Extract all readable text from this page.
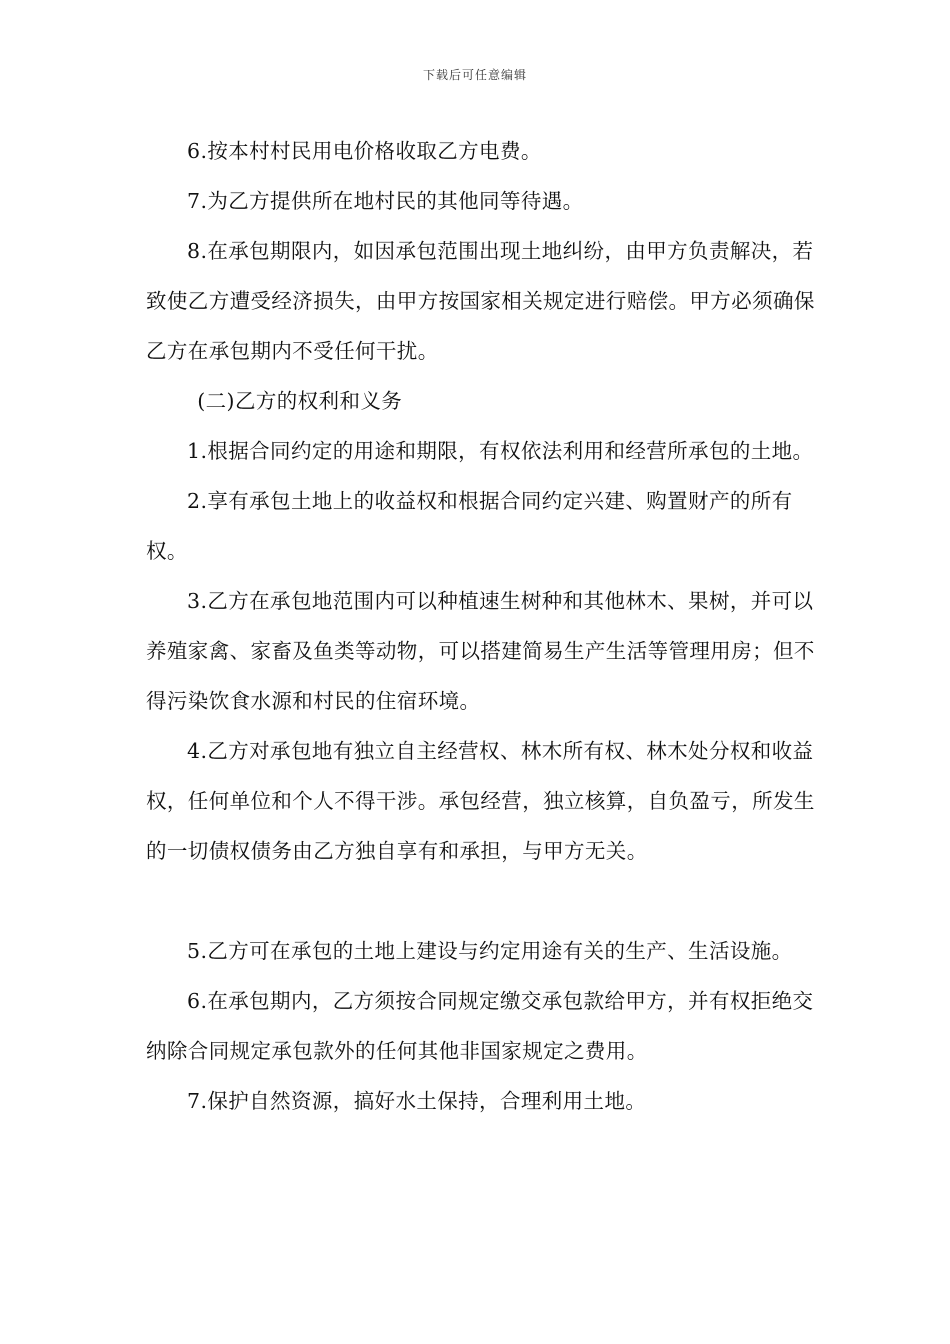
下载后可任意编辑

6.按本村村民用电价格收取乙方电费。

7.为乙方提供所在地村民的其他同等待遇。

8.在承包期限内，如因承包范围出现土地纠纷，由甲方负责解决，若致使乙方遭受经济损失，由甲方按国家相关规定进行赔偿。甲方必须确保乙方在承包期内不受任何干扰。

(二)乙方的权利和义务

1.根据合同约定的用途和期限，有权依法利用和经营所承包的土地。

2.享有承包土地上的收益权和根据合同约定兴建、购置财产的所有权。

3.乙方在承包地范围内可以种植速生树种和其他林木、果树，并可以养殖家禽、家畜及鱼类等动物，可以搭建简易生产生活等管理用房；但不得污染饮食水源和村民的住宿环境。

4.乙方对承包地有独立自主经营权、林木所有权、林木处分权和收益权，任何单位和个人不得干涉。承包经营，独立核算，自负盈亏，所发生的一切债权债务由乙方独自享有和承担，与甲方无关。

5.乙方可在承包的土地上建设与约定用途有关的生产、生活设施。

6.在承包期内，乙方须按合同规定缴交承包款给甲方，并有权拒绝交纳除合同规定承包款外的任何其他非国家规定之费用。

7.保护自然资源，搞好水土保持，合理利用土地。
